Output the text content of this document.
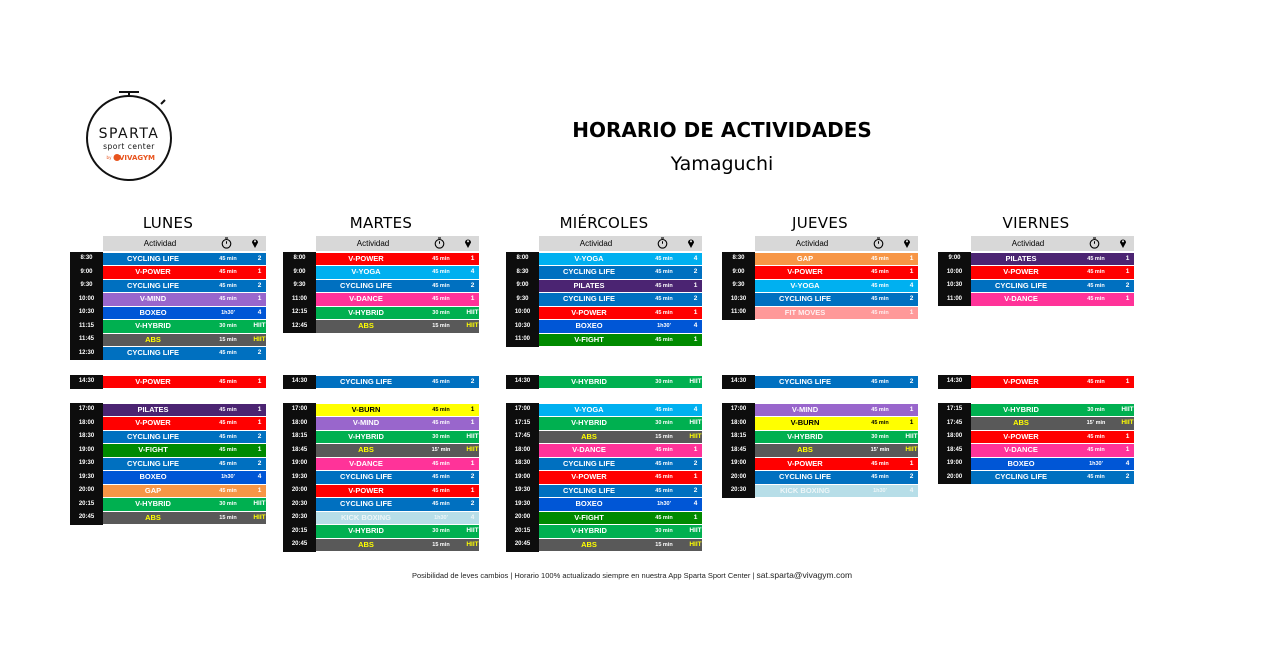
SPARTA
sport center
by VIVAGYM
HORARIO DE ACTIVIDADES
Yamaguchi
LUNES
Actividad
8:30	CYCLING LIFE	45 min	2
9:00	V-POWER	45 min	1
9:30	CYCLING LIFE	45 min	2
10:00	V-MIND	45 min	1
10:30	BOXEO	1h30'	4
11:15	V-HYBRID	30 min	HIIT
11:45	ABS	15 min	HIIT
12:30	CYCLING LIFE	45 min	2
14:30	V-POWER	45 min	1
17:00	PILATES	45 min	1
18:00	V-POWER	45 min	1
18:30	CYCLING LIFE	45 min	2
19:00	V-FIGHT	45 min	1
19:30	CYCLING LIFE	45 min	2
19:30	BOXEO	1h30'	4
20:00	GAP	45 min	1
20:15	V-HYBRID	30 min	HIIT
20:45	ABS	15 min	HIIT
MARTES
Actividad
8:00	V-POWER	45 min	1
9:00	V-YOGA	45 min	4
9:30	CYCLING LIFE	45 min	2
11:00	V-DANCE	45 min	1
12:15	V-HYBRID	30 min	HIIT
12:45	ABS	15 min	HIIT
14:30	CYCLING LIFE	45 min	2
17:00	V-BURN	45 min	1
18:00	V-MIND	45 min	1
18:15	V-HYBRID	30 min	HIIT
18:45	ABS	15' min	HIIT
19:00	V-DANCE	45 min	1
19:30	CYCLING LIFE	45 min	2
20:00	V-POWER	45 min	1
20:30	CYCLING LIFE	45 min	2
20:30	KICK BOXING	1h30'	4
20:15	V-HYBRID	30 min	HIIT
20:45	ABS	15 min	HIIT
MIÉRCOLES
Actividad
8:00	V-YOGA	45 min	4
8:30	CYCLING LIFE	45 min	2
9:00	PILATES	45 min	1
9:30	CYCLING LIFE	45 min	2
10:00	V-POWER	45 min	1
10:30	BOXEO	1h30'	4
11:00	V-FIGHT	45 min	1
14:30	V-HYBRID	30 min	HIIT
17:00	V-YOGA	45 min	4
17:15	V-HYBRID	30 min	HIIT
17:45	ABS	15 min	HIIT
18:00	V-DANCE	45 min	1
18:30	CYCLING LIFE	45 min	2
19:00	V-POWER	45 min	1
19:30	CYCLING LIFE	45 min	2
19:30	BOXEO	1h30'	4
20:00	V-FIGHT	45 min	1
20:15	V-HYBRID	30 min	HIIT
20:45	ABS	15 min	HIIT
JUEVES
Actividad
8:30	GAP	45 min	1
9:00	V-POWER	45 min	1
9:30	V-YOGA	45 min	4
10:30	CYCLING LIFE	45 min	2
11:00	FIT MOVES	45 min	1
14:30	CYCLING LIFE	45 min	2
17:00	V-MIND	45 min	1
18:00	V-BURN	45 min	1
18:15	V-HYBRID	30 min	HIIT
18:45	ABS	15' min	HIIT
19:00	V-POWER	45 min	1
20:00	CYCLING LIFE	45 min	2
20:30	KICK BOXING	1h30'	4
VIERNES
Actividad
9:00	PILATES	45 min	1
10:00	V-POWER	45 min	1
10:30	CYCLING LIFE	45 min	2
11:00	V-DANCE	45 min	1
14:30	V-POWER	45 min	1
17:15	V-HYBRID	30 min	HIIT
17:45	ABS	15' min	HIIT
18:00	V-POWER	45 min	1
18:45	V-DANCE	45 min	1
19:00	BOXEO	1h30'	4
20:00	CYCLING LIFE	45 min	2
Posibilidad de leves cambios | Horario 100% actualizado siempre en nuestra App Sparta Sport Center | sat.sparta@vivagym.com
